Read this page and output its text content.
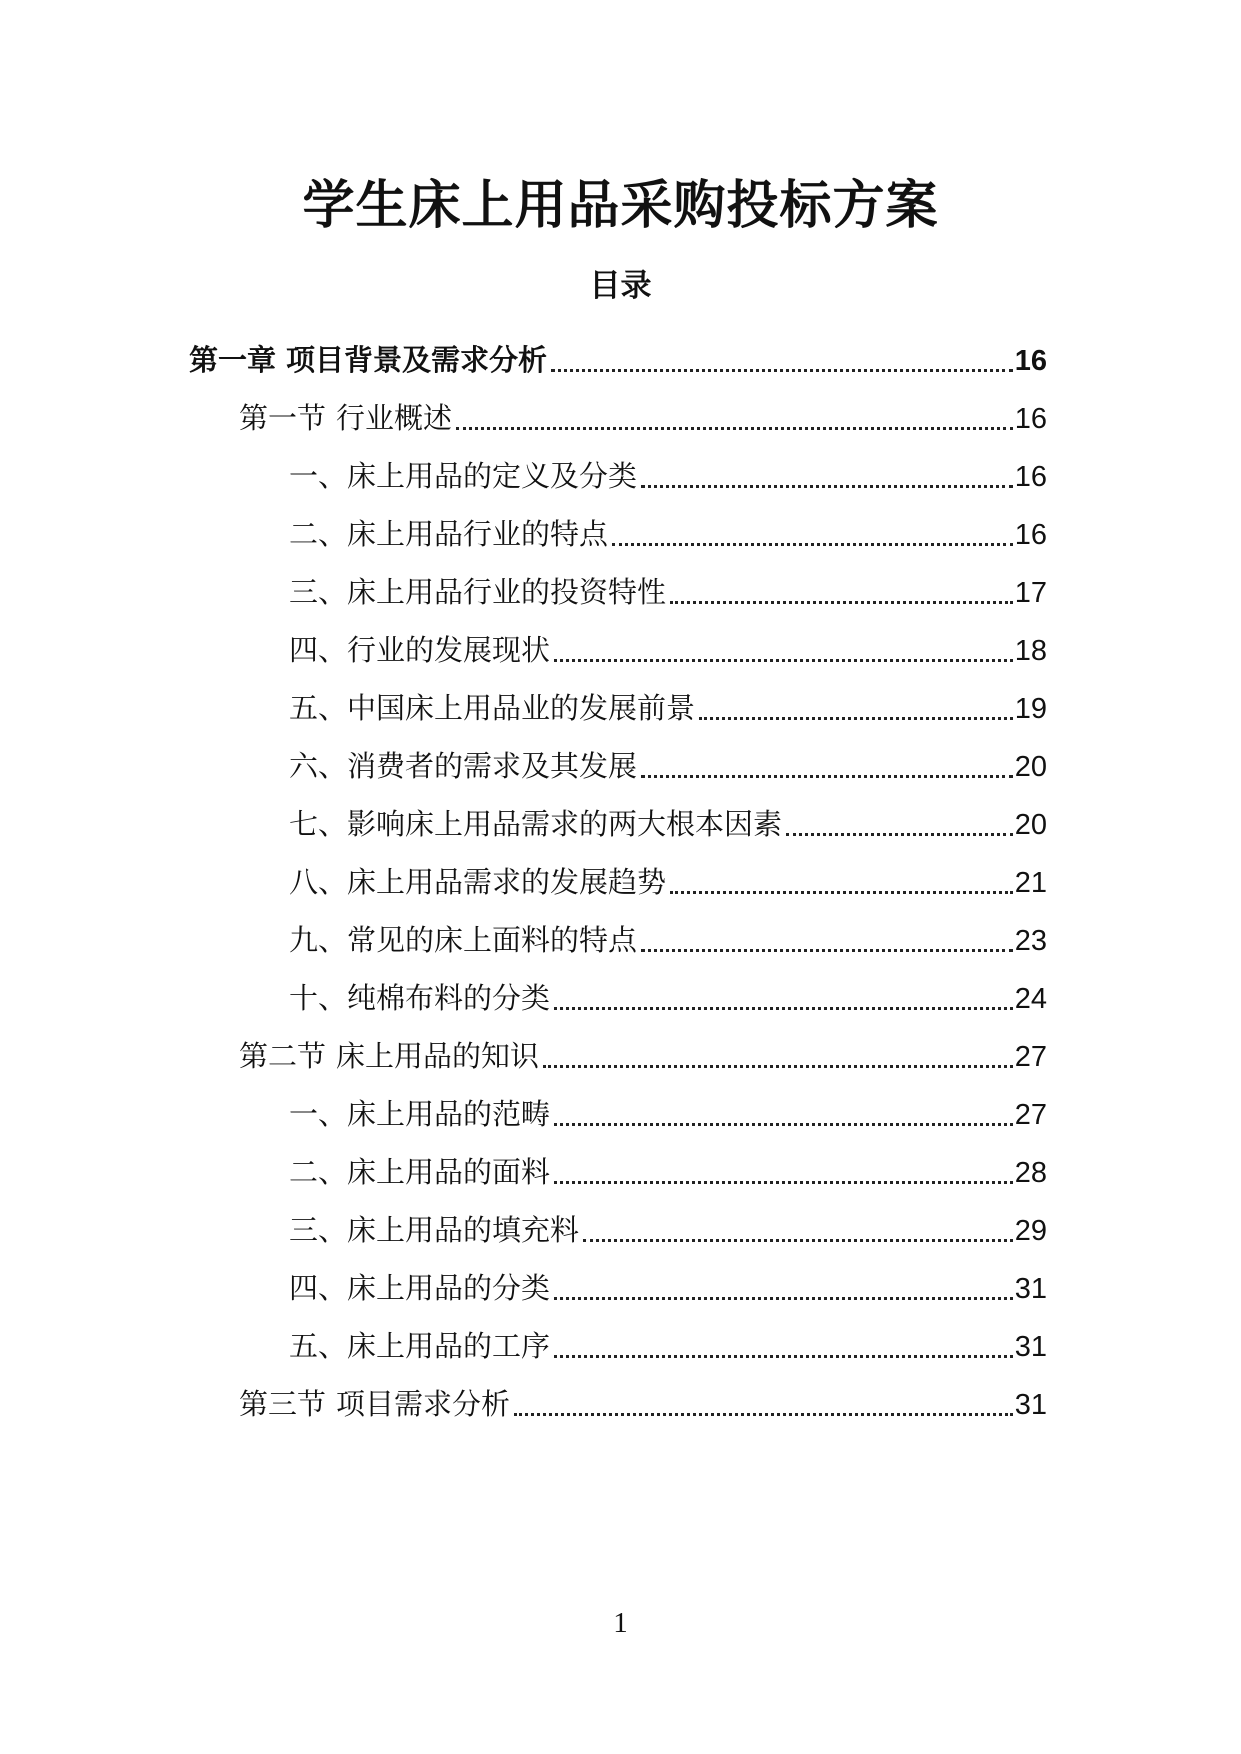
学生床上用品采购投标方案
目录
第一章 项目背景及需求分析	16
第一节 行业概述	16
一、 床上用品的定义及分类	16
二、 床上用品行业的特点	16
三、 床上用品行业的投资特性	17
四、 行业的发展现状	18
五、 中国床上用品业的发展前景	19
六、 消费者的需求及其发展	20
七、 影响床上用品需求的两大根本因素	20
八、 床上用品需求的发展趋势	21
九、 常见的床上面料的特点	23
十、 纯棉布料的分类	24
第二节 床上用品的知识	27
一、 床上用品的范畴	27
二、 床上用品的面料	28
三、 床上用品的填充料	29
四、 床上用品的分类	31
五、 床上用品的工序	31
第三节 项目需求分析	31
1
